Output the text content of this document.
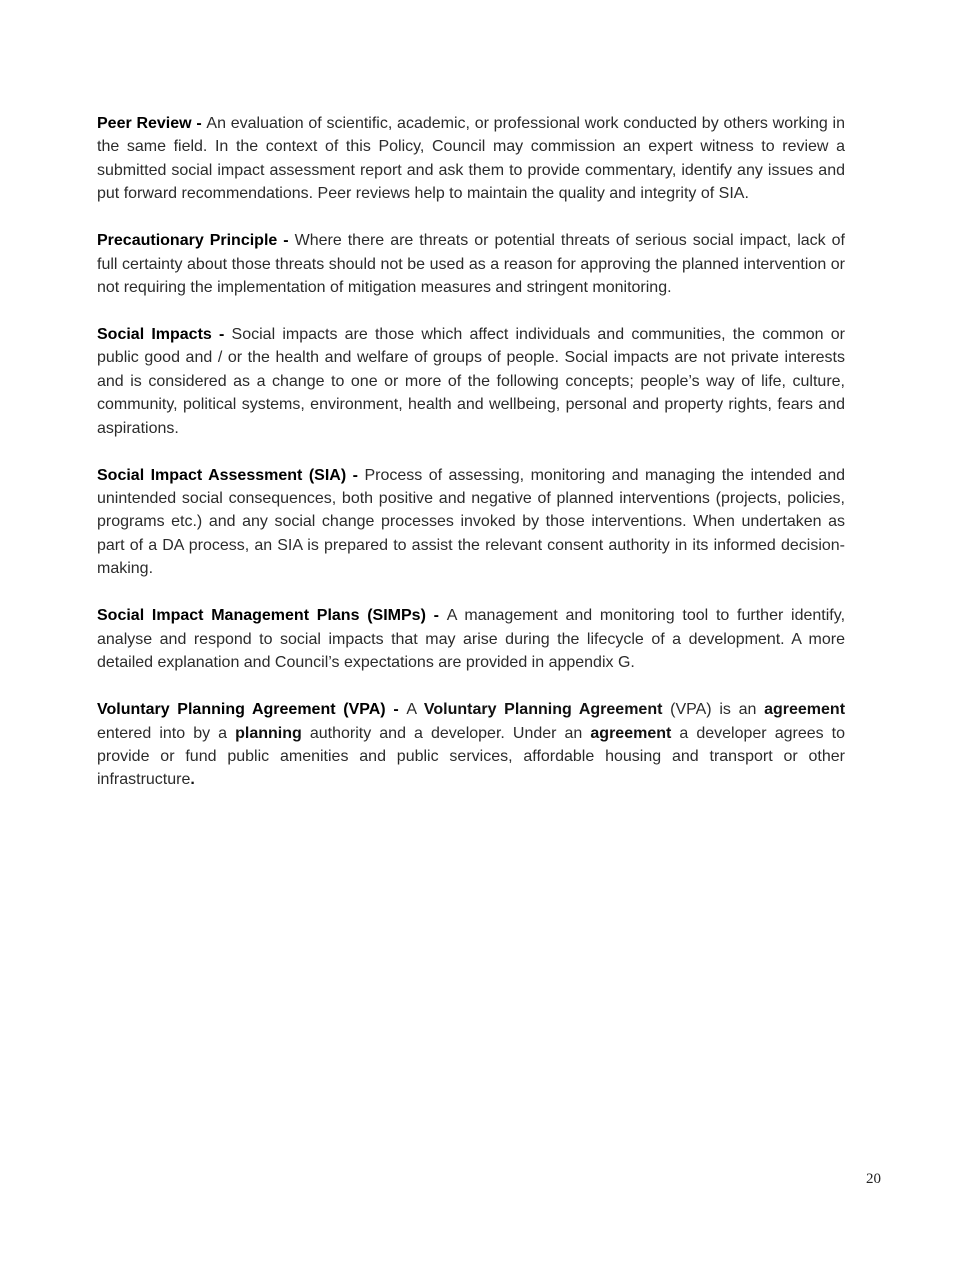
Peer Review - An evaluation of scientific, academic, or professional work conducted by others working in the same field. In the context of this Policy, Council may commission an expert witness to review a submitted social impact assessment report and ask them to provide commentary, identify any issues and put forward recommendations. Peer reviews help to maintain the quality and integrity of SIA.

Precautionary Principle - Where there are threats or potential threats of serious social impact, lack of full certainty about those threats should not be used as a reason for approving the planned intervention or not requiring the implementation of mitigation measures and stringent monitoring.

Social Impacts - Social impacts are those which affect individuals and communities, the common or public good and / or the health and welfare of groups of people. Social impacts are not private interests and is considered as a change to one or more of the following concepts; people’s way of life, culture, community, political systems, environment, health and wellbeing, personal and property rights, fears and aspirations.

Social Impact Assessment (SIA) - Process of assessing, monitoring and managing the intended and unintended social consequences, both positive and negative of planned interventions (projects, policies, programs etc.) and any social change processes invoked by those interventions. When undertaken as part of a DA process, an SIA is prepared to assist the relevant consent authority in its informed decision-making.

Social Impact Management Plans (SIMPs) - A management and monitoring tool to further identify, analyse and respond to social impacts that may arise during the lifecycle of a development. A more detailed explanation and Council’s expectations are provided in appendix G.

Voluntary Planning Agreement (VPA) - A Voluntary Planning Agreement (VPA) is an agreement entered into by a planning authority and a developer. Under an agreement a developer agrees to provide or fund public amenities and public services, affordable housing and transport or other infrastructure.

20
